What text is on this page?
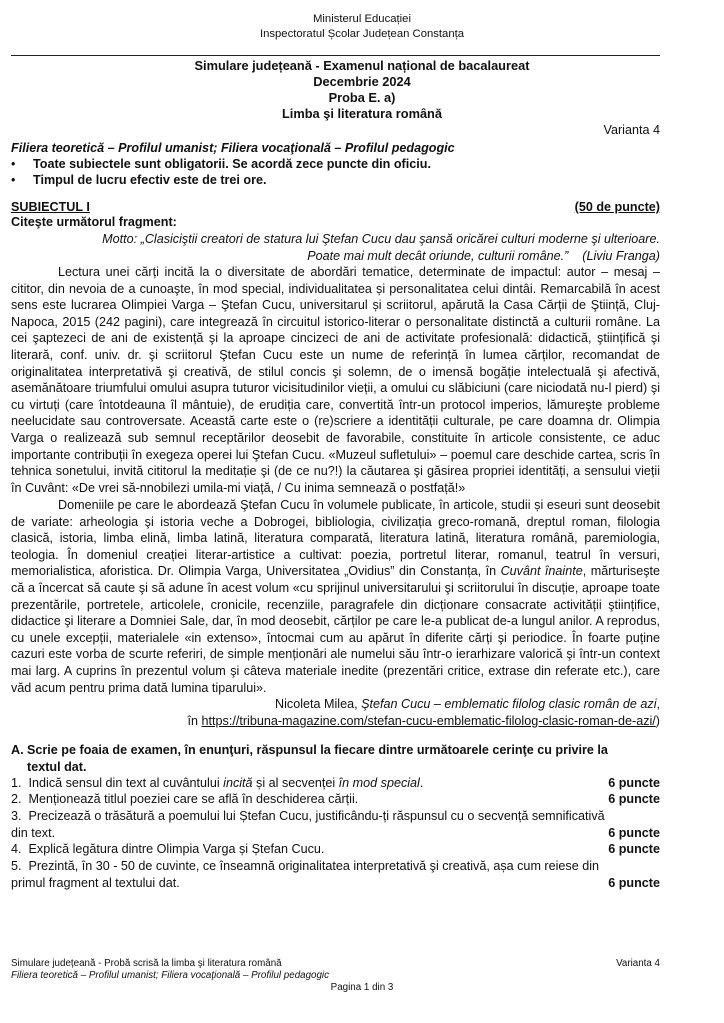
Ministerul Educației
Inspectoratul Școlar Județean Constanța
Simulare județeană - Examenul național de bacalaureat
Decembrie 2024
Proba E. a)
Limba şi literatura română
Varianta 4
Filiera teoretică – Profilul umanist; Filiera vocaţională – Profilul pedagogic
• Toate subiectele sunt obligatorii. Se acordă zece puncte din oficiu.
• Timpul de lucru efectiv este de trei ore.
SUBIECTUL I	(50 de puncte)
Citeşte următorul fragment:
Motto: „Clasiciştii creatori de statura lui Ştefan Cucu dau şansă oricărei culturi moderne şi ulterioare.
Poate mai mult decât oriunde, culturii române.” (Liviu Franga)
Lectura unei cărți incită la o diversitate de abordări tematice, determinate de impactul: autor – mesaj – cititor, din nevoia de a cunoaşte, în mod special, individualitatea și personalitatea celui dintâi. Remarcabilă în acest sens este lucrarea Olimpiei Varga – Ştefan Cucu, universitarul și scriitorul, apărută la Casa Cărții de Ştiință, Cluj-Napoca, 2015 (242 pagini), care integrează în circuitul istorico-literar o personalitate distinctă a culturii române. La cei şaptezeci de ani de existență şi la aproape cincizeci de ani de activitate profesională: didactică, ştiințifică şi literară, conf. univ. dr. şi scriitorul Ştefan Cucu este un nume de referință în lumea cărților, recomandat de originalitatea interpretativă şi creativă, de stilul concis şi solemn, de o imensă bogăție intelectuală şi afectivă, asemănătoare triumfului omului asupra tuturor vicisitudinilor vieții, a omului cu slăbiciuni (care niciodată nu-l pierd) şi cu virtuți (care întotdeauna îl mântuie), de erudiția care, convertită într-un protocol imperios, lămureşte probleme neelucidate sau controversate. Această carte este o (re)scriere a identității culturale, pe care doamna dr. Olimpia Varga o realizează sub semnul receptărilor deosebit de favorabile, constituite în articole consistente, ce aduc importante contribuții în exegeza operei lui Ştefan Cucu. «Muzeul sufletului» – poemul care deschide cartea, scris în tehnica sonetului, invită cititorul la meditație şi (de ce nu?!) la căutarea şi găsirea propriei identități, a sensului vieții în Cuvânt: «De vrei să-nnobilezi umila-mi viață, / Cu inima semnează o postfață!»
Domeniile pe care le abordează Ştefan Cucu în volumele publicate, în articole, studii și eseuri sunt deosebit de variate: arheologia şi istoria veche a Dobrogei, bibliologia, civilizația greco-romană, dreptul roman, filologia clasică, istoria, limba elină, limba latină, literatura comparată, literatura latină, literatura română, paremiologia, teologia. În domeniul creației literar-artistice a cultivat: poezia, portretul literar, romanul, teatrul în versuri, memorialistica, aforistica. Dr. Olimpia Varga, Universitatea „Ovidius” din Constanța, în Cuvânt înainte, mărturiseşte că a încercat să caute şi să adune în acest volum «cu sprijinul universitarului şi scriitorului în discuție, aproape toate prezentările, portretele, articolele, cronicile, recenziile, paragrafele din dicționare consacrate activității ştiințifice, didactice şi literare a Domniei Sale, dar, în mod deosebit, cărților pe care le-a publicat de-a lungul anilor. A reprodus, cu unele excepții, materialele «in extenso», întocmai cum au apărut în diferite cărți şi periodice. În foarte puține cazuri este vorba de scurte referiri, de simple menționări ale numelui său într-o ierarhizare valorică şi într-un context mai larg. A cuprins în prezentul volum şi câteva materiale inedite (prezentări critice, extrase din referate etc.), care văd acum pentru prima dată lumina tiparului».
Nicoleta Milea, Ştefan Cucu – emblematic filolog clasic român de azi,
în https://tribuna-magazine.com/stefan-cucu-emblematic-filolog-clasic-roman-de-azi/)
A. Scrie pe foaia de examen, în enunţuri, răspunsul la fiecare dintre următoarele cerinţe cu privire la
textul dat.
6 puncte
1. Indică sensul din text al cuvântului incită și al secvenței în mod special.
6 puncte
2. Menționează titlul poeziei care se află în deschiderea cărții.
3. Precizează o trăsătură a poemului lui Ștefan Cucu, justificându-ți răspunsul cu o secvență semnificativă
6 puncte
din text.
6 puncte
4. Explică legătura dintre Olimpia Varga și Ștefan Cucu.
5. Prezintă, în 30 - 50 de cuvinte, ce înseamnă originalitatea interpretativă şi creativă, așa cum reiese din
6 puncte
primul fragment al textului dat.
Simulare județeană - Probă scrisă la limba şi literatura română	Varianta 4
Filiera teoretică – Profilul umanist; Filiera vocaţională – Profilul pedagogic
Pagina 1 din 3
